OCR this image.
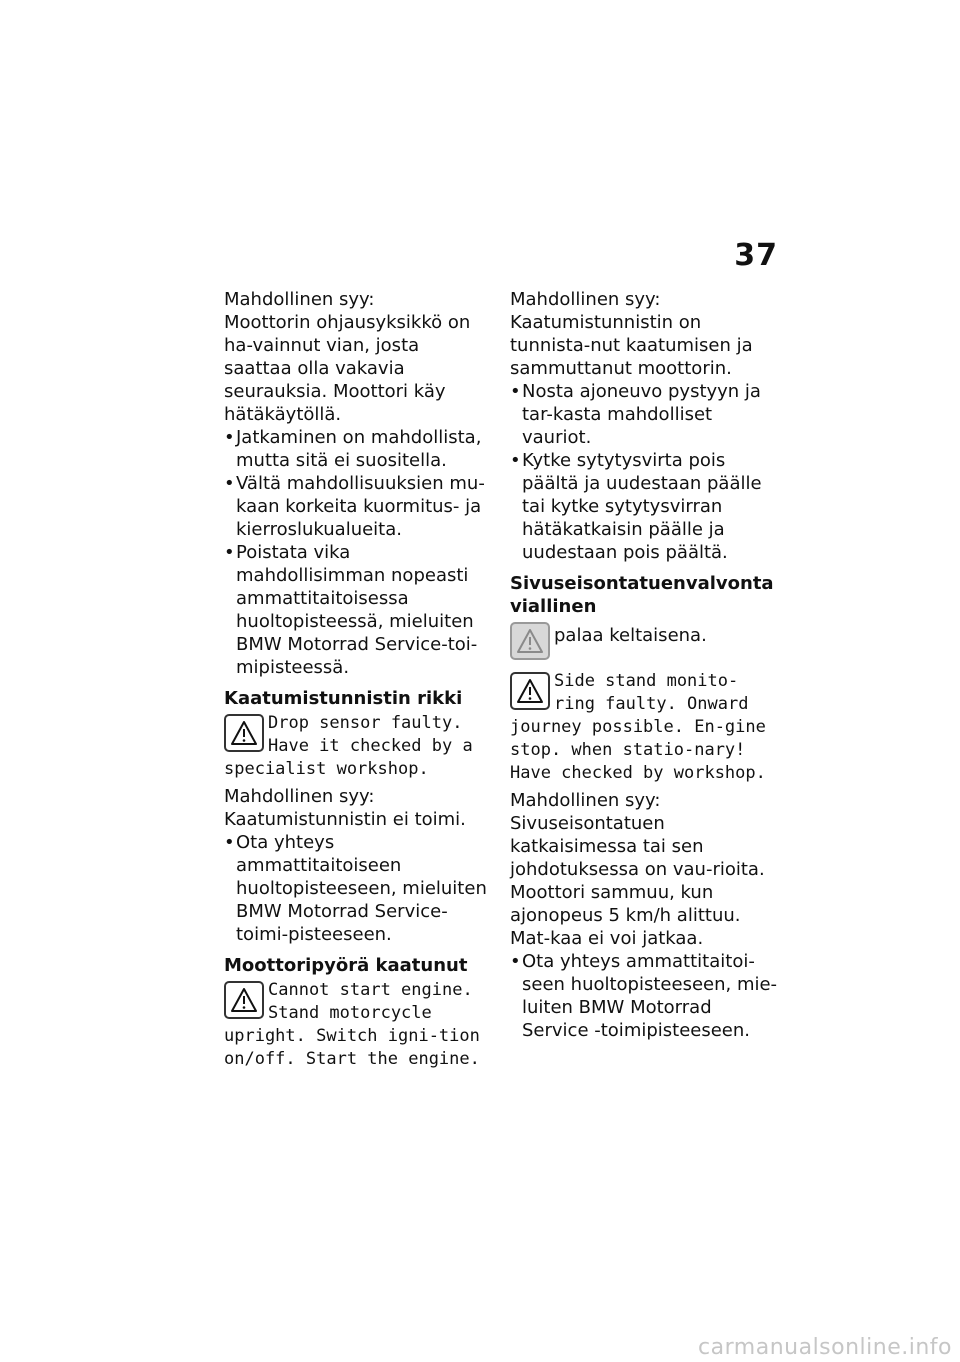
37

Mahdollinen syy:

Moottorin ohjausyksikkö on ha-vainnut vian, josta saattaa olla vakavia seurauksia. Moottori käy hätäkäytöllä.

• Jatkaminen on mahdollista, mutta sitä ei suositella.
• Vältä mahdollisuuksien mu-kaan korkeita kuormitus- ja kierroslukualueita.
• Poistata vika mahdollisimman nopeasti ammattitaitoisessa huoltopisteessä, mieluiten BMW Motorrad Service-toi-mipisteessä.
Kaatumistunnistin rikki

Drop sensor faulty. Have it checked by a specialist workshop.

Mahdollinen syy:

Kaatumistunnistin ei toimi.

• Ota yhteys ammattitaitoiseen huoltopisteeseen, mieluiten BMW Motorrad Service-toimi-pisteeseen.
Moottoripyörä kaatunut

Cannot start engine. Stand motorcycle upright. Switch igni-tion on/off. Start the engine.

Mahdollinen syy:

Kaatumistunnistin on tunnista-nut kaatumisen ja sammuttanut moottorin.

• Nosta ajoneuvo pystyyn ja tar-kasta mahdolliset vauriot.
• Kytke sytytysvirta pois päältä ja uudestaan päälle tai kytke sytytysvirran hätäkatkaisin päälle ja uudestaan pois päältä.
Sivuseisontatuenvalvonta viallinen

palaa keltaisena.

Side stand monito-ring faulty. Onward journey possible. En-gine stop. when statio-nary! Have checked by workshop.

Mahdollinen syy:

Sivuseisontatuen katkaisimessa tai sen johdotuksessa on vau-rioita. Moottori sammuu, kun ajonopeus 5 km/h alittuu. Mat-kaa ei voi jatkaa.

• Ota yhteys ammattitaitoi-seen huoltopisteeseen, mie-luiten BMW Motorrad Service -toimipisteeseen.
carmanualsonline.info
